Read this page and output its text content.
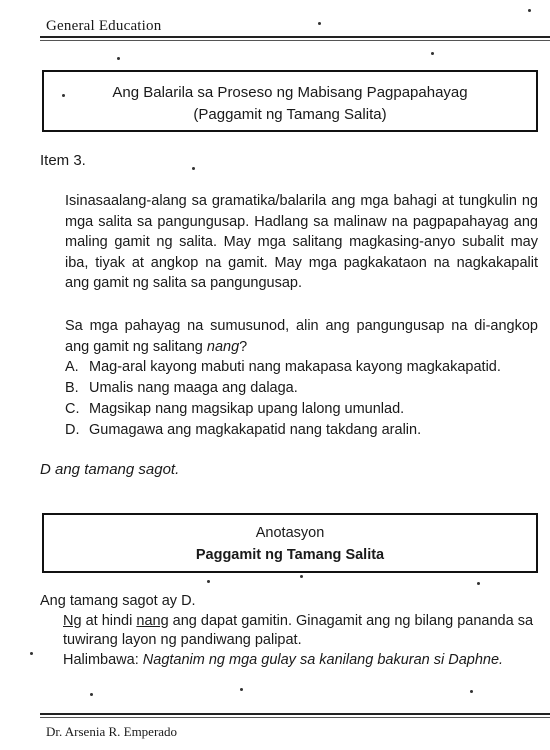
General Education
Ang Balarila sa Proseso ng Mabisang Pagpapahayag
(Paggamit ng Tamang Salita)
Item 3.
Isinasaalang-alang sa gramatika/balarila ang mga bahagi at tungkulin ng mga salita sa pangungusap. Hadlang sa malinaw na pagpapahayag ang maling gamit ng salita. May mga salitang magkasing-anyo subalit may iba, tiyak at angkop na gamit. May mga pagkakataon na nagkakapalit ang gamit ng salita sa pangungusap.
Sa mga pahayag na sumusunod, alin ang pangungusap na di-angkop ang gamit ng salitang nang?
A. Mag-aral kayong mabuti nang makapasa kayong magkakapatid.
B. Umalis nang maaga ang dalaga.
C. Magsikap nang magsikap upang lalong umunlad.
D. Gumagawa ang magkakapatid nang takdang aralin.
D ang tamang sagot.
Anotasyon
Paggamit ng Tamang Salita
Ang tamang sagot ay D.
Ng at hindi nang ang dapat gamitin. Ginagamit ang ng bilang pananda sa tuwirang layon ng pandiwang palipat.
Halimbawa: Nagtanim ng mga gulay sa kanilang bakuran si Daphne.
Dr. Arsenia R. Emperado
